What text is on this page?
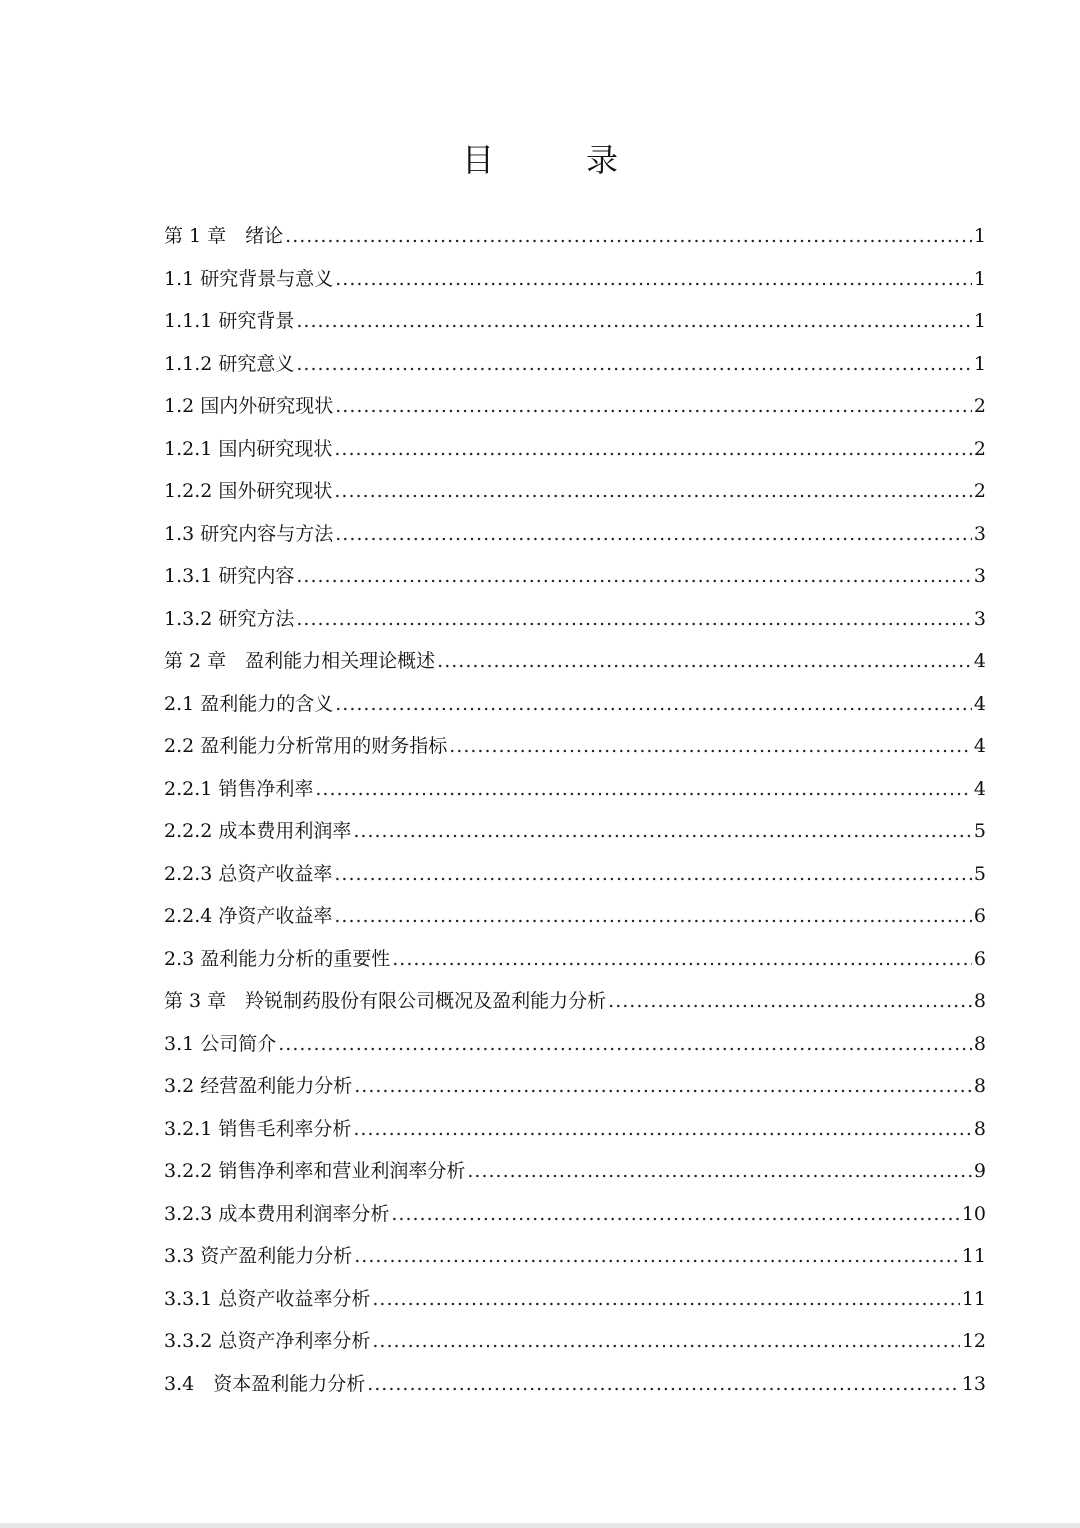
目　录
第 1 章　绪论 .....	1
1.1 研究背景与意义 .....	1
1.1.1 研究背景 .....	1
1.1.2 研究意义 .....	1
1.2 国内外研究现状 .....	2
1.2.1 国内研究现状 .....	2
1.2.2 国外研究现状 .....	2
1.3 研究内容与方法 .....	3
1.3.1 研究内容 .....	3
1.3.2 研究方法 .....	3
第 2 章　盈利能力相关理论概述 .....	4
2.1 盈利能力的含义 .....	4
2.2 盈利能力分析常用的财务指标 .....	4
2.2.1 销售净利率 .....	4
2.2.2 成本费用利润率 .....	5
2.2.3 总资产收益率 .....	5
2.2.4 净资产收益率 .....	6
2.3 盈利能力分析的重要性 .....	6
第 3 章　羚锐制药股份有限公司概况及盈利能力分析 .....	8
3.1 公司简介 .....	8
3.2 经营盈利能力分析 .....	8
3.2.1 销售毛利率分析 .....	8
3.2.2 销售净利率和营业利润率分析 .....	9
3.2.3 成本费用利润率分析 .....	10
3.3 资产盈利能力分析 .....	11
3.3.1 总资产收益率分析 .....	11
3.3.2 总资产净利率分析 .....	12
3.4　资本盈利能力分析 .....	13
